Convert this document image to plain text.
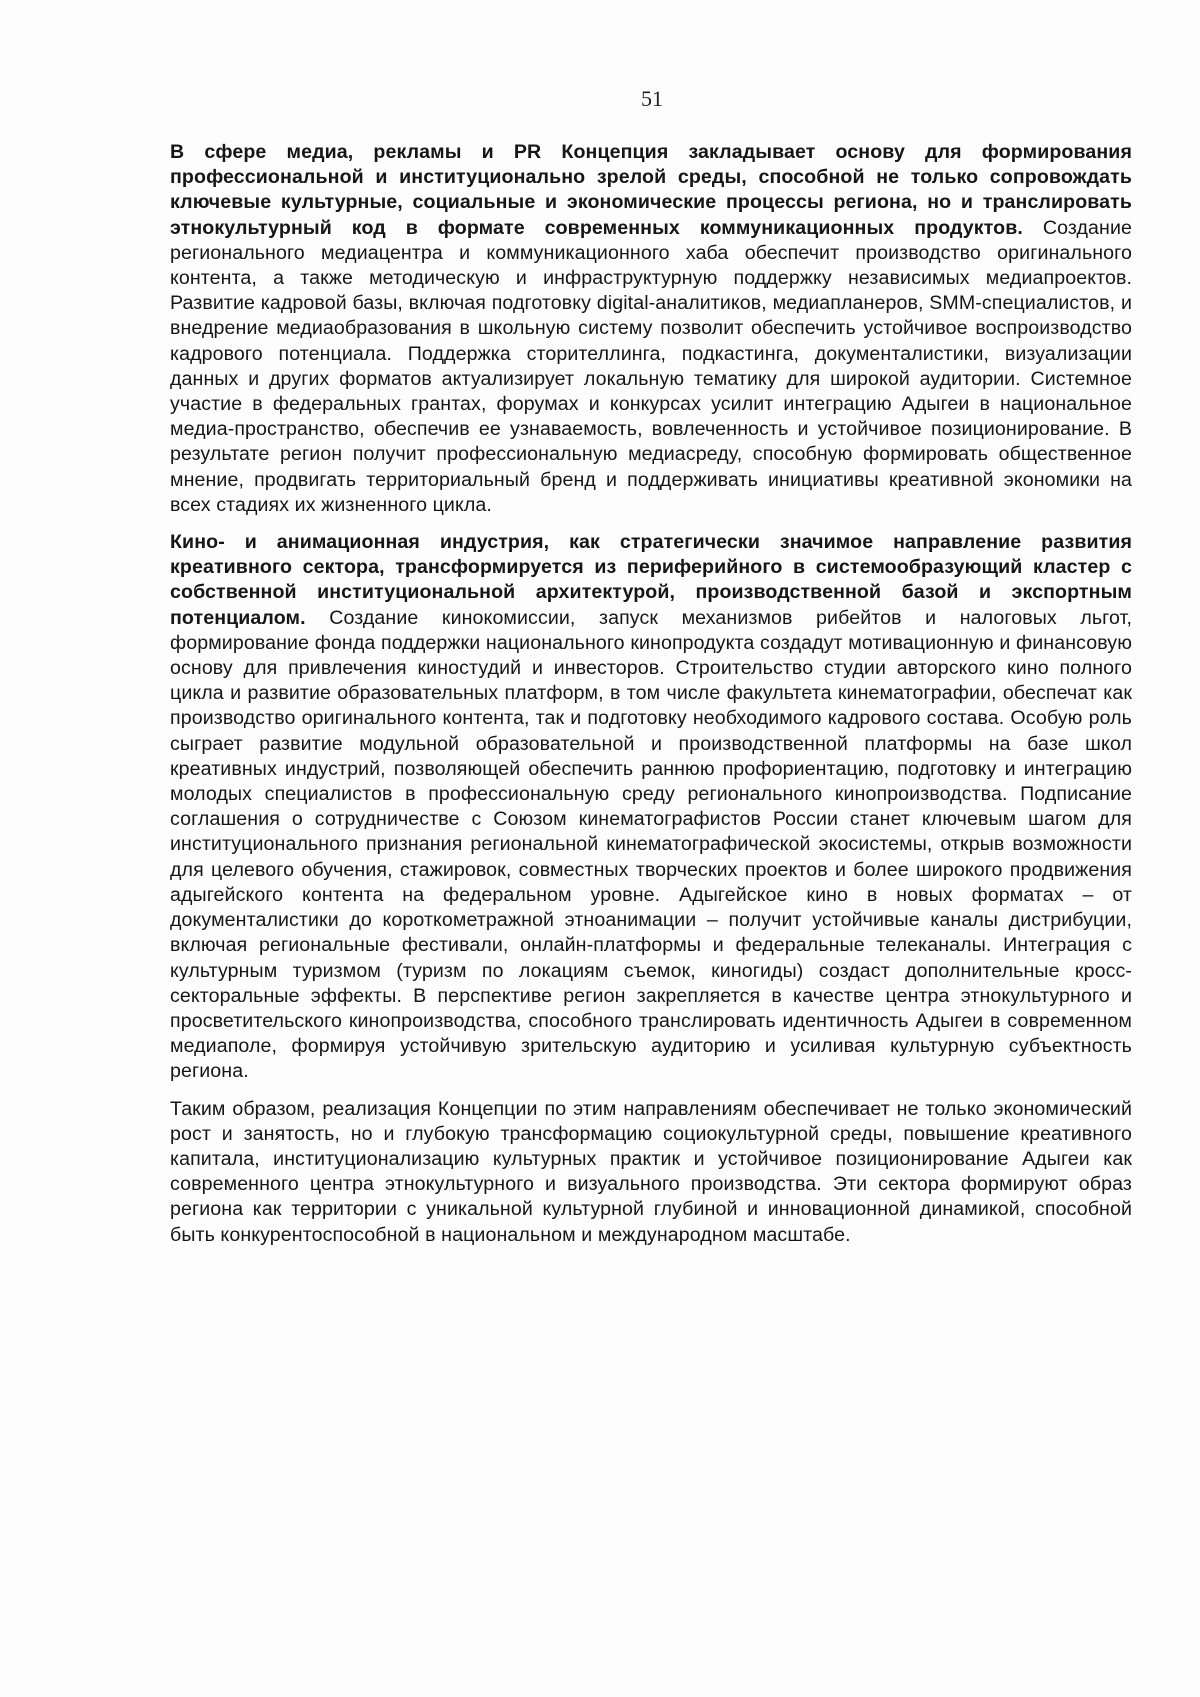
51

В сфере медиа, рекламы и PR Концепция закладывает основу для формирования профессиональной и институционально зрелой среды, способной не только сопровождать ключевые культурные, социальные и экономические процессы региона, но и транслировать этнокультурный код в формате современных коммуникационных продуктов. Создание регионального медиацентра и коммуникационного хаба обеспечит производство оригинального контента, а также методическую и инфраструктурную поддержку независимых медиапроектов. Развитие кадровой базы, включая подготовку digital-аналитиков, медиапланеров, SMM-специалистов, и внедрение медиаобразования в школьную систему позволит обеспечить устойчивое воспроизводство кадрового потенциала. Поддержка сторителлинга, подкастинга, документалистики, визуализации данных и других форматов актуализирует локальную тематику для широкой аудитории. Системное участие в федеральных грантах, форумах и конкурсах усилит интеграцию Адыгеи в национальное медиа-пространство, обеспечив ее узнаваемость, вовлеченность и устойчивое позиционирование. В результате регион получит профессиональную медиасреду, способную формировать общественное мнение, продвигать территориальный бренд и поддерживать инициативы креативной экономики на всех стадиях их жизненного цикла.

Кино- и анимационная индустрия, как стратегически значимое направление развития креативного сектора, трансформируется из периферийного в системообразующий кластер с собственной институциональной архитектурой, производственной базой и экспортным потенциалом. Создание кинокомиссии, запуск механизмов рибейтов и налоговых льгот, формирование фонда поддержки национального кинопродукта создадут мотивационную и финансовую основу для привлечения киностудий и инвесторов. Строительство студии авторского кино полного цикла и развитие образовательных платформ, в том числе факультета кинематографии, обеспечат как производство оригинального контента, так и подготовку необходимого кадрового состава. Особую роль сыграет развитие модульной образовательной и производственной платформы на базе школ креативных индустрий, позволяющей обеспечить раннюю профориентацию, подготовку и интеграцию молодых специалистов в профессиональную среду регионального кинопроизводства. Подписание соглашения о сотрудничестве с Союзом кинематографистов России станет ключевым шагом для институционального признания региональной кинематографической экосистемы, открыв возможности для целевого обучения, стажировок, совместных творческих проектов и более широкого продвижения адыгейского контента на федеральном уровне. Адыгейское кино в новых форматах – от документалистики до короткометражной этноанимации – получит устойчивые каналы дистрибуции, включая региональные фестивали, онлайн-платформы и федеральные телеканалы. Интеграция с культурным туризмом (туризм по локациям съемок, киногиды) создаст дополнительные кросс-секторальные эффекты. В перспективе регион закрепляется в качестве центра этнокультурного и просветительского кинопроизводства, способного транслировать идентичность Адыгеи в современном медиаполе, формируя устойчивую зрительскую аудиторию и усиливая культурную субъектность региона.

Таким образом, реализация Концепции по этим направлениям обеспечивает не только экономический рост и занятость, но и глубокую трансформацию социокультурной среды, повышение креативного капитала, институционализацию культурных практик и устойчивое позиционирование Адыгеи как современного центра этнокультурного и визуального производства. Эти сектора формируют образ региона как территории с уникальной культурной глубиной и инновационной динамикой, способной быть конкурентоспособной в национальном и международном масштабе.
